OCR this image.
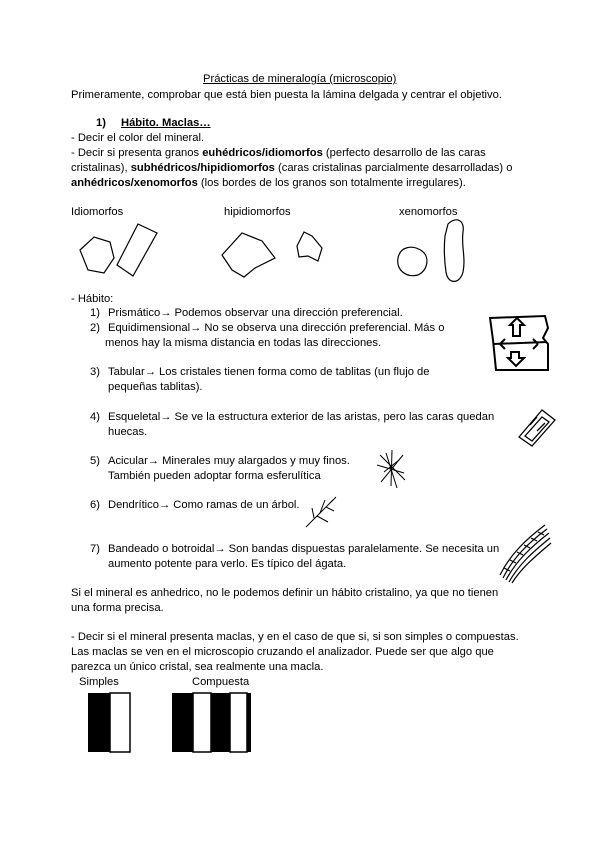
Prácticas de mineralogía (microscopio)
Primeramente, comprobar que está bien puesta la lámina delgada y centrar el objetivo.
1) Hábito. Maclas…
- Decir el color del mineral.
- Decir si presenta granos euhédricos/idiomorfos (perfecto desarrollo de las caras
cristalinas), subhédricos/hipidiomorfos (caras cristalinas parcialmente desarrolladas) o
anhédricos/xenomorfos (los bordes de los granos son totalmente irregulares).
Idiomorfos	hipidiomorfos	xenomorfos
- Hábito:
1) Prismático→ Podemos observar una dirección preferencial.
2) Equidimensional→ No se observa una dirección preferencial. Más o
menos hay la misma distancia en todas las direcciones.
3) Tabular→ Los cristales tienen forma como de tablitas (un flujo de
pequeñas tablitas).
4) Esqueletal→ Se ve la estructura exterior de las aristas, pero las caras quedan
huecas.
5) Acicular→ Minerales muy alargados y muy finos.
También pueden adoptar forma esferulítica
6) Dendrítico→ Como ramas de un árbol.
7) Bandeado o botroidal→ Son bandas dispuestas paralelamente. Se necesita un
aumento potente para verlo. Es típico del ágata.
Si el mineral es anhedrico, no le podemos definir un hábito cristalino, ya que no tienen
una forma precisa.
- Decir si el mineral presenta maclas, y en el caso de que si, si son simples o compuestas.
Las maclas se ven en el microscopio cruzando el analizador. Puede ser que algo que
parezca un único cristal, sea realmente una macla.
Simples	Compuesta
